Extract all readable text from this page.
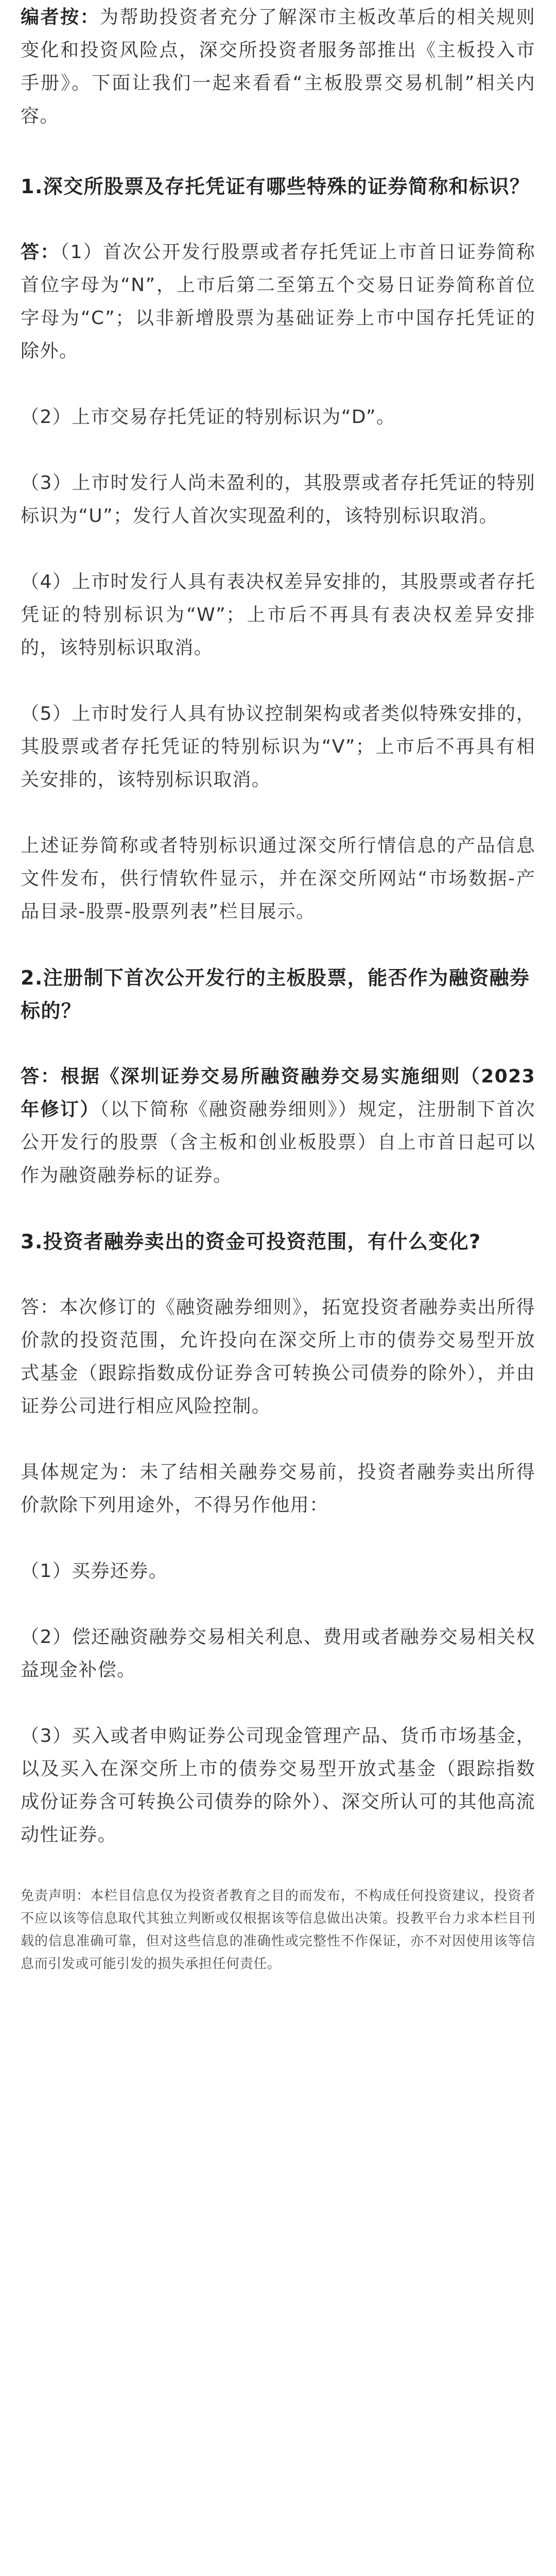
编者按：为帮助投资者充分了解深市主板改革后的相关规则变化和投资风险点，深交所投资者服务部推出《主板投入市手册》。下面让我们一起来看看“主板股票交易机制”相关内容。

1.深交所股票及存托凭证有哪些特殊的证券简称和标识？

答：（1）首次公开发行股票或者存托凭证上市首日证券简称首位字母为“N”，上市后第二至第五个交易日证券简称首位字母为“C”；以非新增股票为基础证券上市中国存托凭证的除外。

（2）上市交易存托凭证的特别标识为“D”。

（3）上市时发行人尚未盈利的，其股票或者存托凭证的特别标识为“U”；发行人首次实现盈利的，该特别标识取消。

（4）上市时发行人具有表决权差异安排的，其股票或者存托凭证的特别标识为“W”；上市后不再具有表决权差异安排的，该特别标识取消。

（5）上市时发行人具有协议控制架构或者类似特殊安排的，其股票或者存托凭证的特别标识为“V”；上市后不再具有相关安排的，该特别标识取消。

上述证券简称或者特别标识通过深交所行情信息的产品信息文件发布，供行情软件显示，并在深交所网站“市场数据-产品目录-股票-股票列表”栏目展示。

2.注册制下首次公开发行的主板股票，能否作为融资融券标的？

答：根据《深圳证券交易所融资融券交易实施细则（2023年修订）（以下简称《融资融券细则》）规定，注册制下首次公开发行的股票（含主板和创业板股票）自上市首日起可以作为融资融券标的证券。

3.投资者融券卖出的资金可投资范围，有什么变化?

答：本次修订的《融资融券细则》，拓宽投资者融券卖出所得价款的投资范围，允许投向在深交所上市的债券交易型开放式基金（跟踪指数成份证券含可转换公司债券的除外），并由证券公司进行相应风险控制。

具体规定为：未了结相关融券交易前，投资者融券卖出所得价款除下列用途外，不得另作他用：

（1）买券还券。

（2）偿还融资融券交易相关利息、费用或者融券交易相关权益现金补偿。

（3）买入或者申购证券公司现金管理产品、货币市场基金，以及买入在深交所上市的债券交易型开放式基金（跟踪指数成份证券含可转换公司债券的除外）、深交所认可的其他高流动性证券。

免责声明：本栏目信息仅为投资者教育之目的而发布，不构成任何投资建议，投资者不应以该等信息取代其独立判断或仅根据该等信息做出决策。投教平台力求本栏目刊载的信息准确可靠，但对这些信息的准确性或完整性不作保证，亦不对因使用该等信息而引发或可能引发的损失承担任何责任。
